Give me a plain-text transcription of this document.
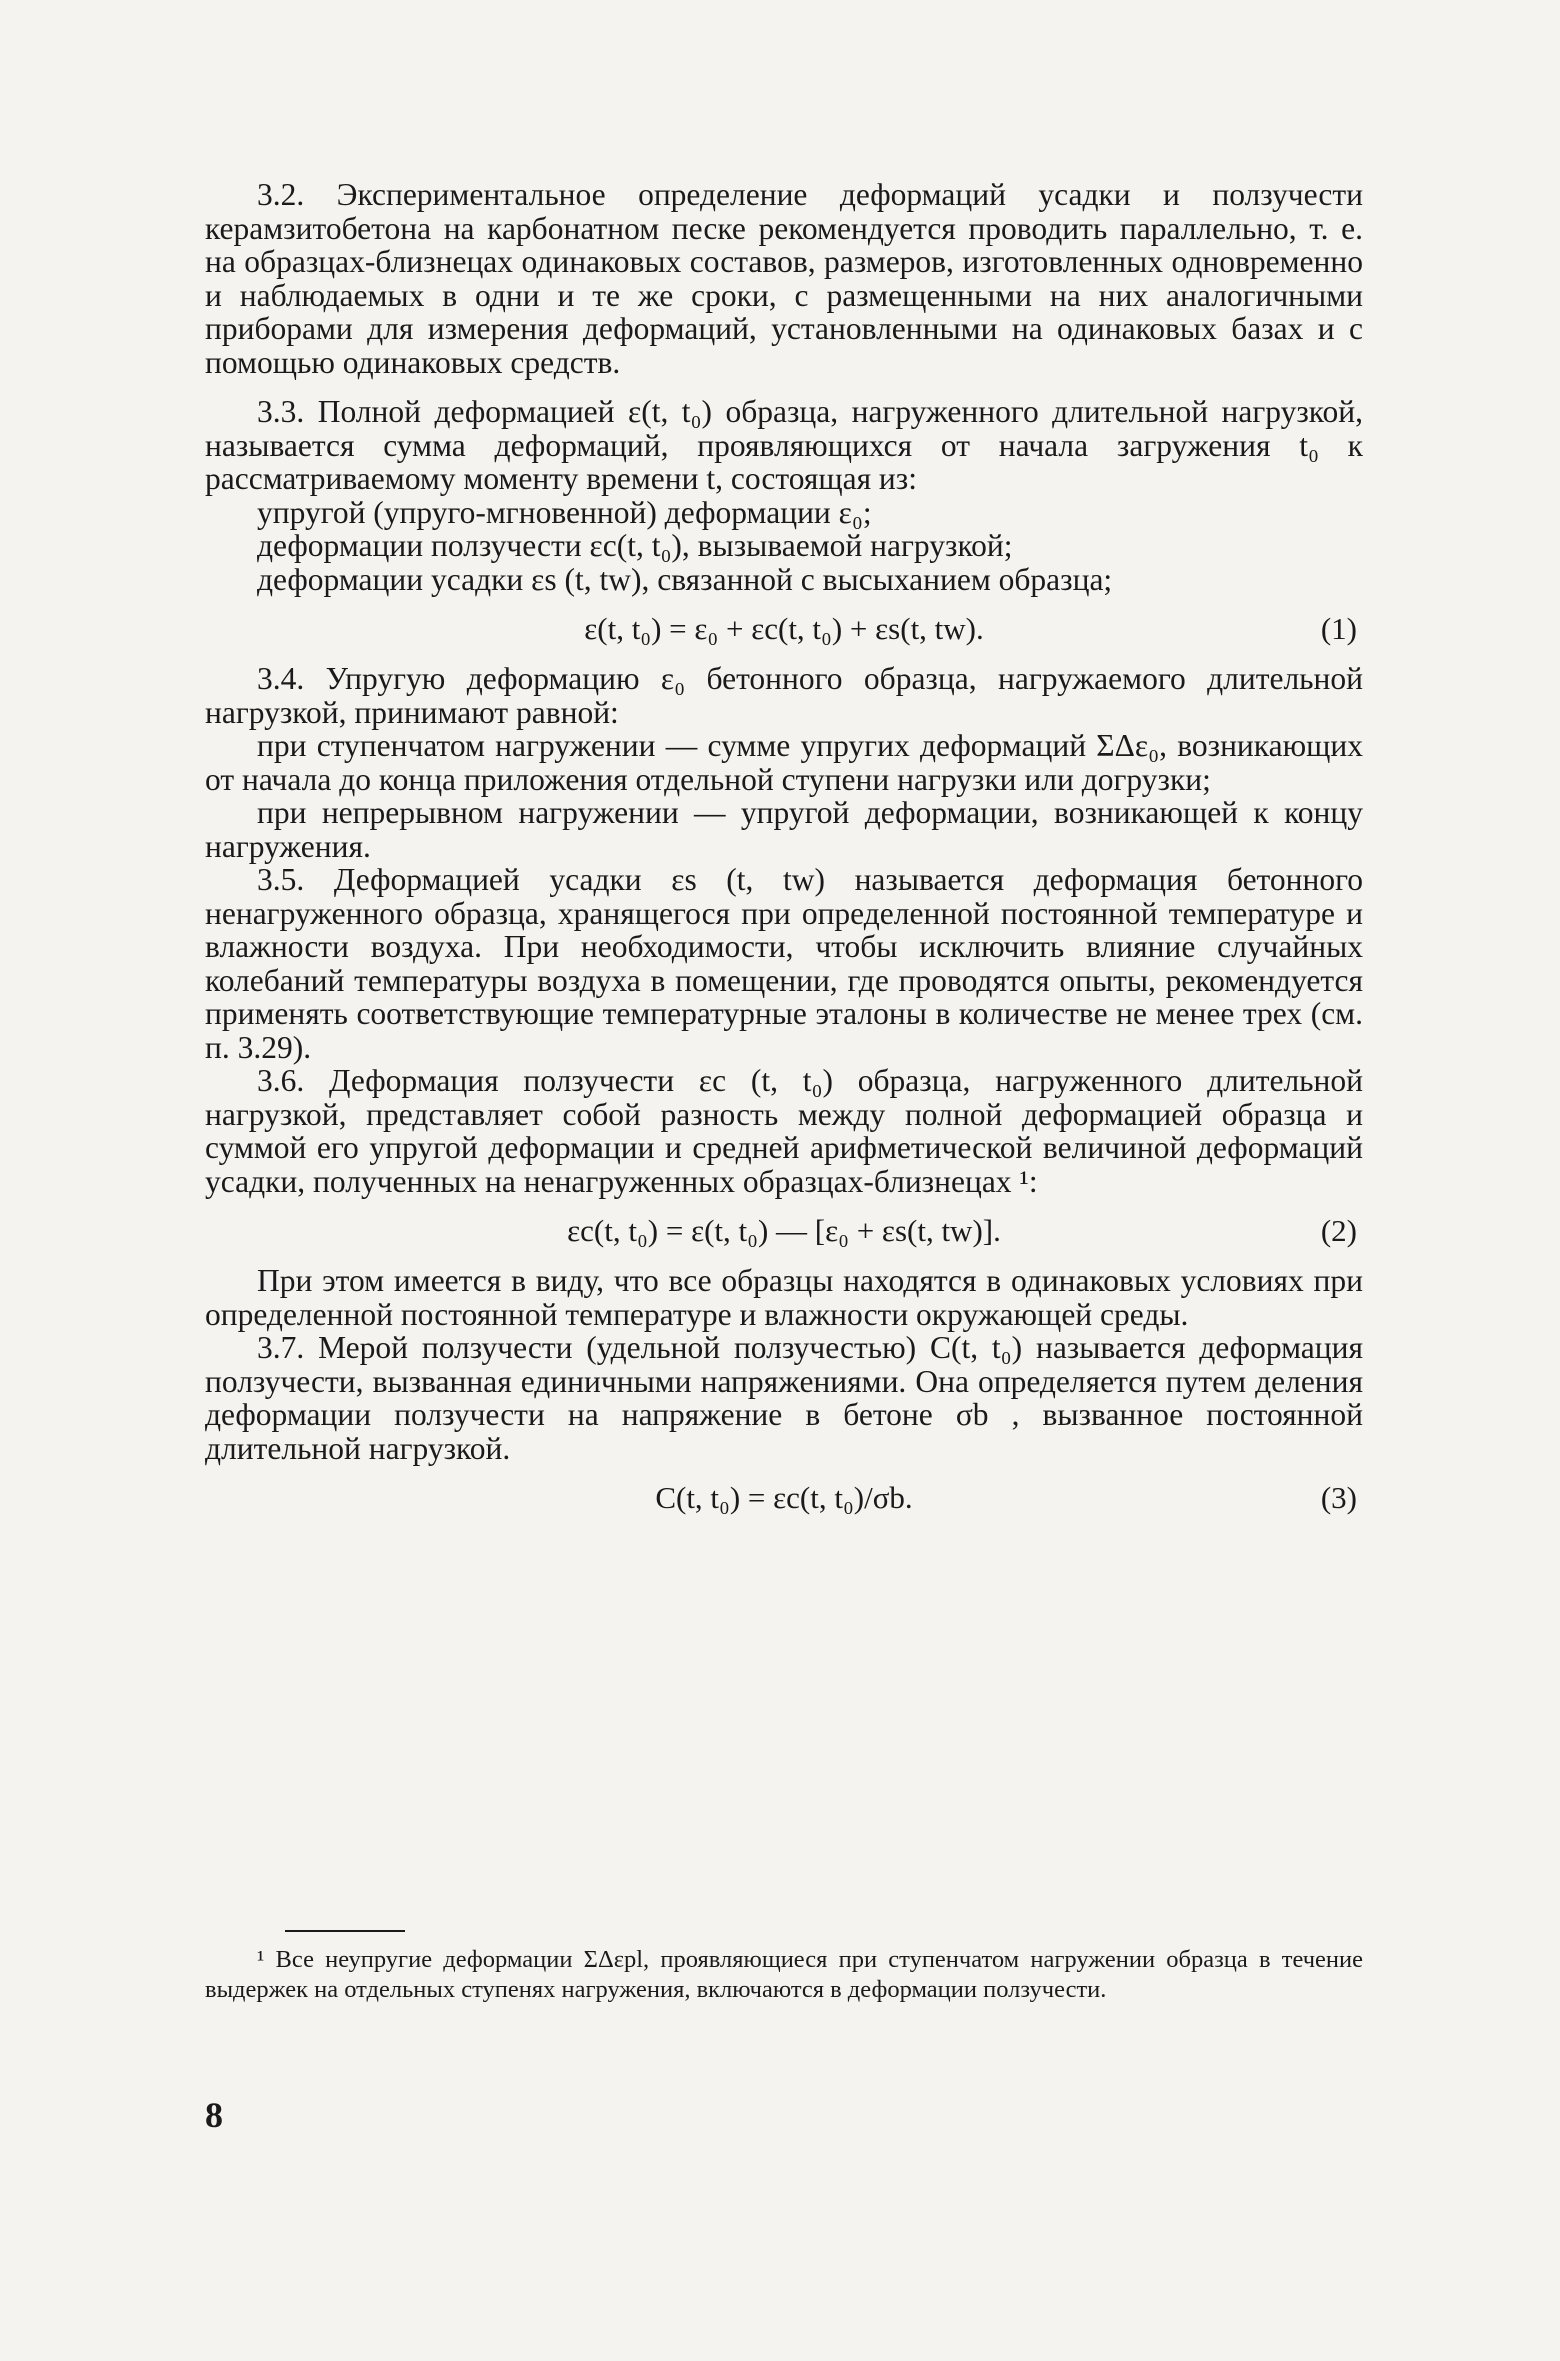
3.2. Экспериментальное определение деформаций усадки и ползучести керамзитобетона на карбонатном песке рекомендуется проводить параллельно, т. е. на образцах-близнецах одинаковых составов, размеров, изготовленных одновременно и наблюдаемых в одни и те же сроки, с размещенными на них аналогичными приборами для измерения деформаций, установленными на одинаковых базах и с помощью одинаковых средств.

3.3. Полной деформацией ε(t, t₀) образца, нагруженного длительной нагрузкой, называется сумма деформаций, проявляющихся от начала загружения t₀ к рассматриваемому моменту времени t, состоящая из:

упругой (упруго-мгновенной) деформации ε₀;

деформации ползучести εc(t, t₀), вызываемой нагрузкой;

деформации усадки εs (t, tw), связанной с высыханием образца;

ε(t, t₀) = ε₀ + εc(t, t₀) + εs(t, tw).	(1)

3.4. Упругую деформацию ε₀ бетонного образца, нагружаемого длительной нагрузкой, принимают равной:

при ступенчатом нагружении — сумме упругих деформаций ΣΔε₀, возникающих от начала до конца приложения отдельной ступени нагрузки или догрузки;

при непрерывном нагружении — упругой деформации, возникающей к концу нагружения.

3.5. Деформацией усадки εs (t, tw) называется деформация бетонного ненагруженного образца, хранящегося при определенной постоянной температуре и влажности воздуха. При необходимости, чтобы исключить влияние случайных колебаний температуры воздуха в помещении, где проводятся опыты, рекомендуется применять соответствующие температурные эталоны в количестве не менее трех (см. п. 3.29).

3.6. Деформация ползучести εc (t, t₀) образца, нагруженного длительной нагрузкой, представляет собой разность между полной деформацией образца и суммой его упругой деформации и средней арифметической величиной деформаций усадки, полученных на ненагруженных образцах-близнецах ¹:

εc(t, t₀) = ε(t, t₀) — [ε₀ + εs(t, tw)].	(2)

При этом имеется в виду, что все образцы находятся в одинаковых условиях при определенной постоянной температуре и влажности окружающей среды.

3.7. Мерой ползучести (удельной ползучестью) C(t, t₀) называется деформация ползучести, вызванная единичными напряжениями. Она определяется путем деления деформации ползучести на напряжение в бетоне σb , вызванное постоянной длительной нагрузкой.

C(t, t₀) = εc(t, t₀)/σb.	(3)

¹ Все неупругие деформации ΣΔεpl, проявляющиеся при ступенчатом нагружении образца в течение выдержек на отдельных ступенях нагружения, включаются в деформации ползучести.

8
